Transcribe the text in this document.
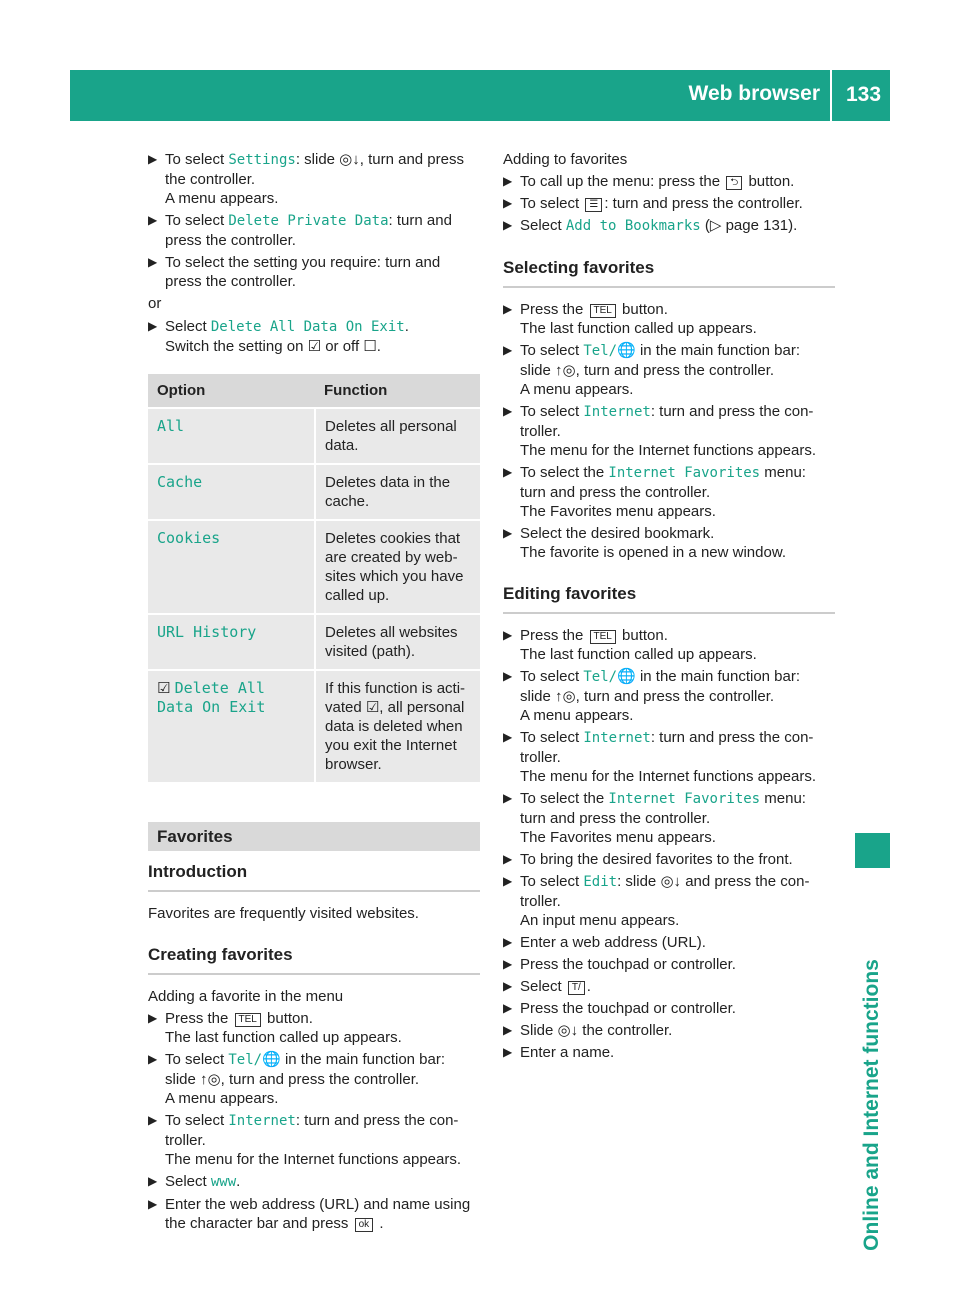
Web browser 133
Online and Internet functions
▶ To select Settings: slide ◎↓, turn and press the controller.
A menu appears.
▶ To select Delete Private Data: turn and press the controller.
▶ To select the setting you require: turn and press the controller.
or
▶ Select Delete All Data On Exit.
Switch the setting on ☑ or off ☐.
Option	Function
All	Deletes all personal data.
Cache	Deletes data in the cache.
Cookies	Deletes cookies that are created by web-sites which you have called up.
URL History	Deletes all websites visited (path).
☑ Delete All Data On Exit	If this function is acti-vated ☑, all personal data is deleted when you exit the Internet browser.
Favorites
Introduction
Favorites are frequently visited websites.
Creating favorites
Adding a favorite in the menu
▶ Press the TEL button.
The last function called up appears.
▶ To select Tel/🌐 in the main function bar: slide ↑◎, turn and press the controller.
A menu appears.
▶ To select Internet: turn and press the con-troller.
The menu for the Internet functions appears.
▶ Select www.
▶ Enter the web address (URL) and name using the character bar and press ok .
Adding to favorites
▶ To call up the menu: press the ⮌ button.
▶ To select ☰ : turn and press the controller.
▶ Select Add to Bookmarks (▷ page 131).
Selecting favorites
▶ Press the TEL button.
The last function called up appears.
▶ To select Tel/🌐 in the main function bar: slide ↑◎, turn and press the controller.
A menu appears.
▶ To select Internet: turn and press the con-troller.
The menu for the Internet functions appears.
▶ To select the Internet Favorites menu: turn and press the controller.
The Favorites menu appears.
▶ Select the desired bookmark.
The favorite is opened in a new window.
Editing favorites
▶ Press the TEL button.
The last function called up appears.
▶ To select Tel/🌐 in the main function bar: slide ↑◎, turn and press the controller.
A menu appears.
▶ To select Internet: turn and press the con-troller.
The menu for the Internet functions appears.
▶ To select the Internet Favorites menu: turn and press the controller.
The Favorites menu appears.
▶ To bring the desired favorites to the front.
▶ To select Edit: slide ◎↓ and press the con-troller.
An input menu appears.
▶ Enter a web address (URL).
▶ Press the touchpad or controller.
▶ Select T/ .
▶ Press the touchpad or controller.
▶ Slide ◎↓ the controller.
▶ Enter a name.
